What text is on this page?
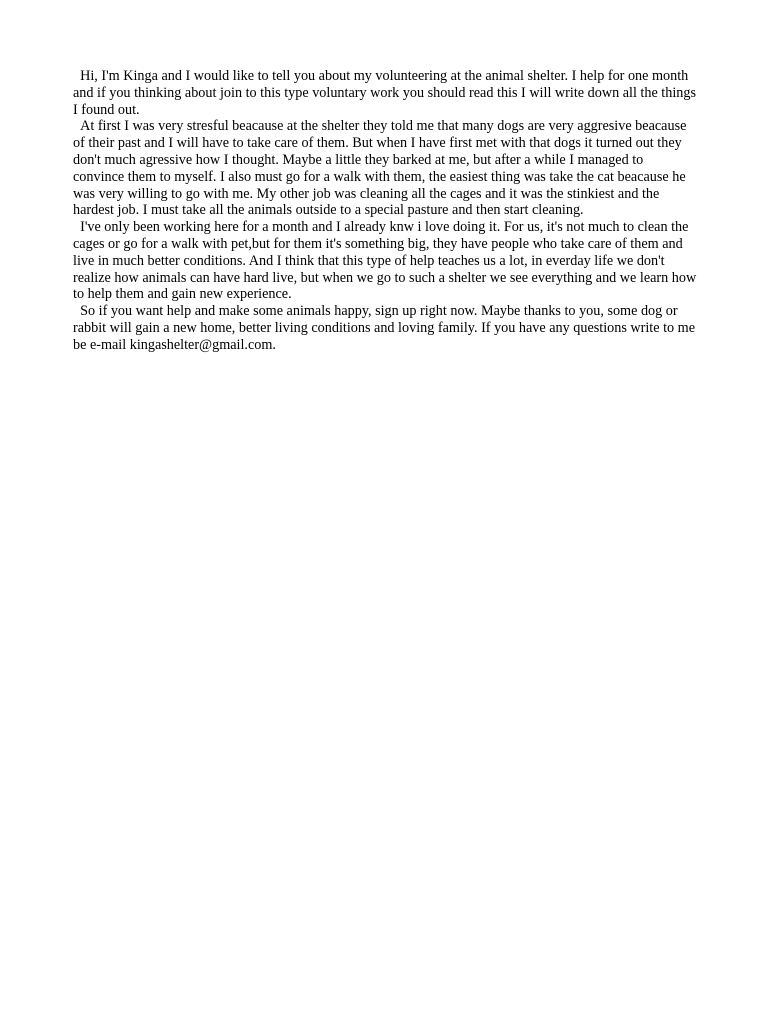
Hi, I'm Kinga and I would like to tell you about my volunteering at the animal shelter. I help for one month and if you thinking about join to this type voluntary work you should read this I will write down all the things I found out.

At first I was very stresful beacause at the shelter they told me that many dogs are very aggresive beacause of their past and I will have to take care of them. But when I have first met with that dogs it turned out they don't much agressive how I thought. Maybe a little they barked at me, but after a while I managed to convince them to myself. I also must go for a walk with them, the easiest thing was take the cat beacause he was very willing to go with me. My other job was cleaning all the cages and it was the stinkiest and the hardest job. I must take all the animals outside to a special pasture and then start cleaning.

I've only been working here for a month and I already knw i love doing it. For us, it's not much to clean the cages or go for a walk with pet,but for them it's something big, they have people who take care of them and live in much better conditions. And I think that this type of help teaches us a lot, in everday life we don't realize how animals can have hard live, but when we go to such a shelter we see everything and we learn how to help them and gain new experience.

So if you want help and make some animals happy, sign up right now. Maybe thanks to you, some dog or rabbit will gain a new home, better living conditions and loving family. If you have any questions write to me be e-mail kingashelter@gmail.com.
